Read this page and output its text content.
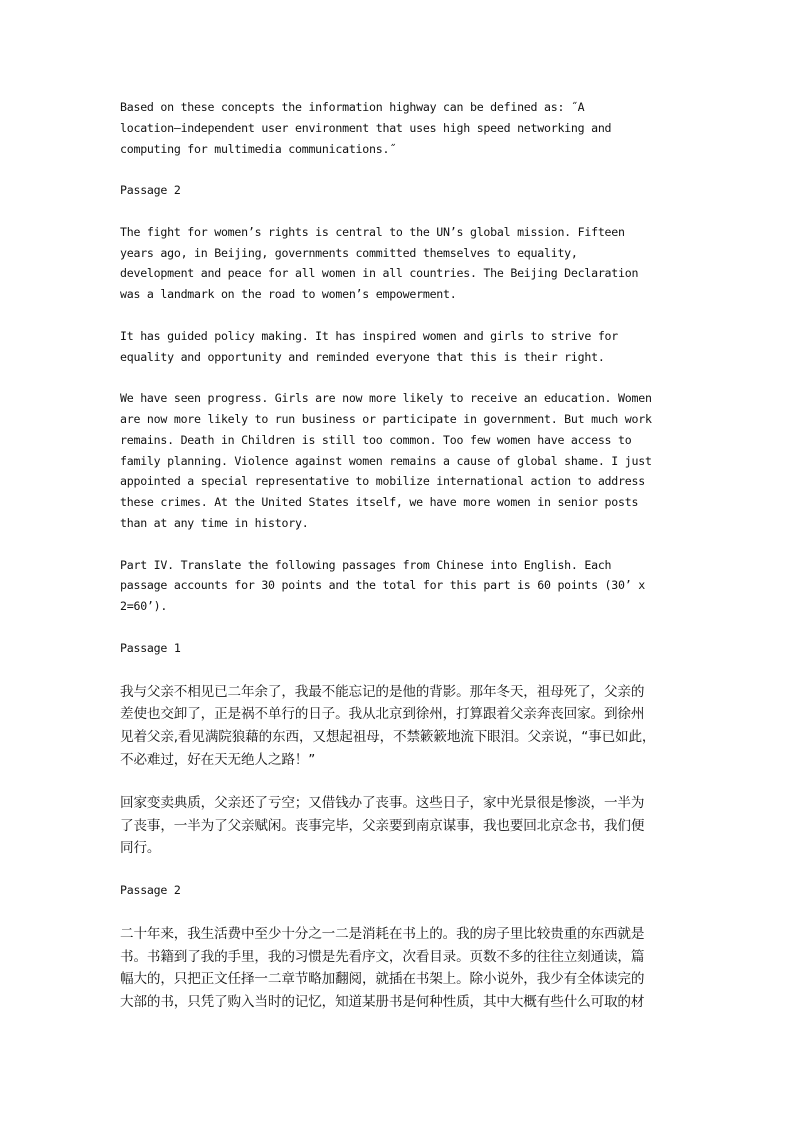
Based on these concepts the information highway can be defined as: ˝A
location–independent user environment that uses high speed networking and
computing for multimedia communications.˝

Passage 2

The fight for women’s rights is central to the UN’s global mission. Fifteen
years ago, in Beijing, governments committed themselves to equality,
development and peace for all women in all countries. The Beijing Declaration
was a landmark on the road to women’s empowerment.

It has guided policy making. It has inspired women and girls to strive for
equality and opportunity and reminded everyone that this is their right.

We have seen progress. Girls are now more likely to receive an education. Women
are now more likely to run business or participate in government. But much work
remains. Death in Children is still too common. Too few women have access to
family planning. Violence against women remains a cause of global shame. I just
appointed a special representative to mobilize international action to address
these crimes. At the United States itself, we have more women in senior posts
than at any time in history.

Part IV. Translate the following passages from Chinese into English. Each
passage accounts for 30 points and the total for this part is 60 points (30’ x
2=60’).

Passage 1

我与父亲不相见已二年余了，我最不能忘记的是他的背影。那年冬天，祖母死了，父亲的
差使也交卸了，正是祸不单行的日子。我从北京到徐州，打算跟着父亲奔丧回家。到徐州
见着父亲,看见满院狼藉的东西，又想起祖母，不禁簌簌地流下眼泪。父亲说，“事已如此，
不必难过，好在天无绝人之路！”

回家变卖典质，父亲还了亏空；又借钱办了丧事。这些日子，家中光景很是惨淡，一半为
了丧事，一半为了父亲赋闲。丧事完毕，父亲要到南京谋事，我也要回北京念书，我们便
同行。

Passage 2

二十年来，我生活费中至少十分之一二是消耗在书上的。我的房子里比较贵重的东西就是
书。书籍到了我的手里，我的习惯是先看序文，次看目录。页数不多的往往立刻通读，篇
幅大的，只把正文任择一二章节略加翻阅，就插在书架上。除小说外，我少有全体读完的
大部的书，只凭了购入当时的记忆，知道某册书是何种性质，其中大概有些什么可取的材
